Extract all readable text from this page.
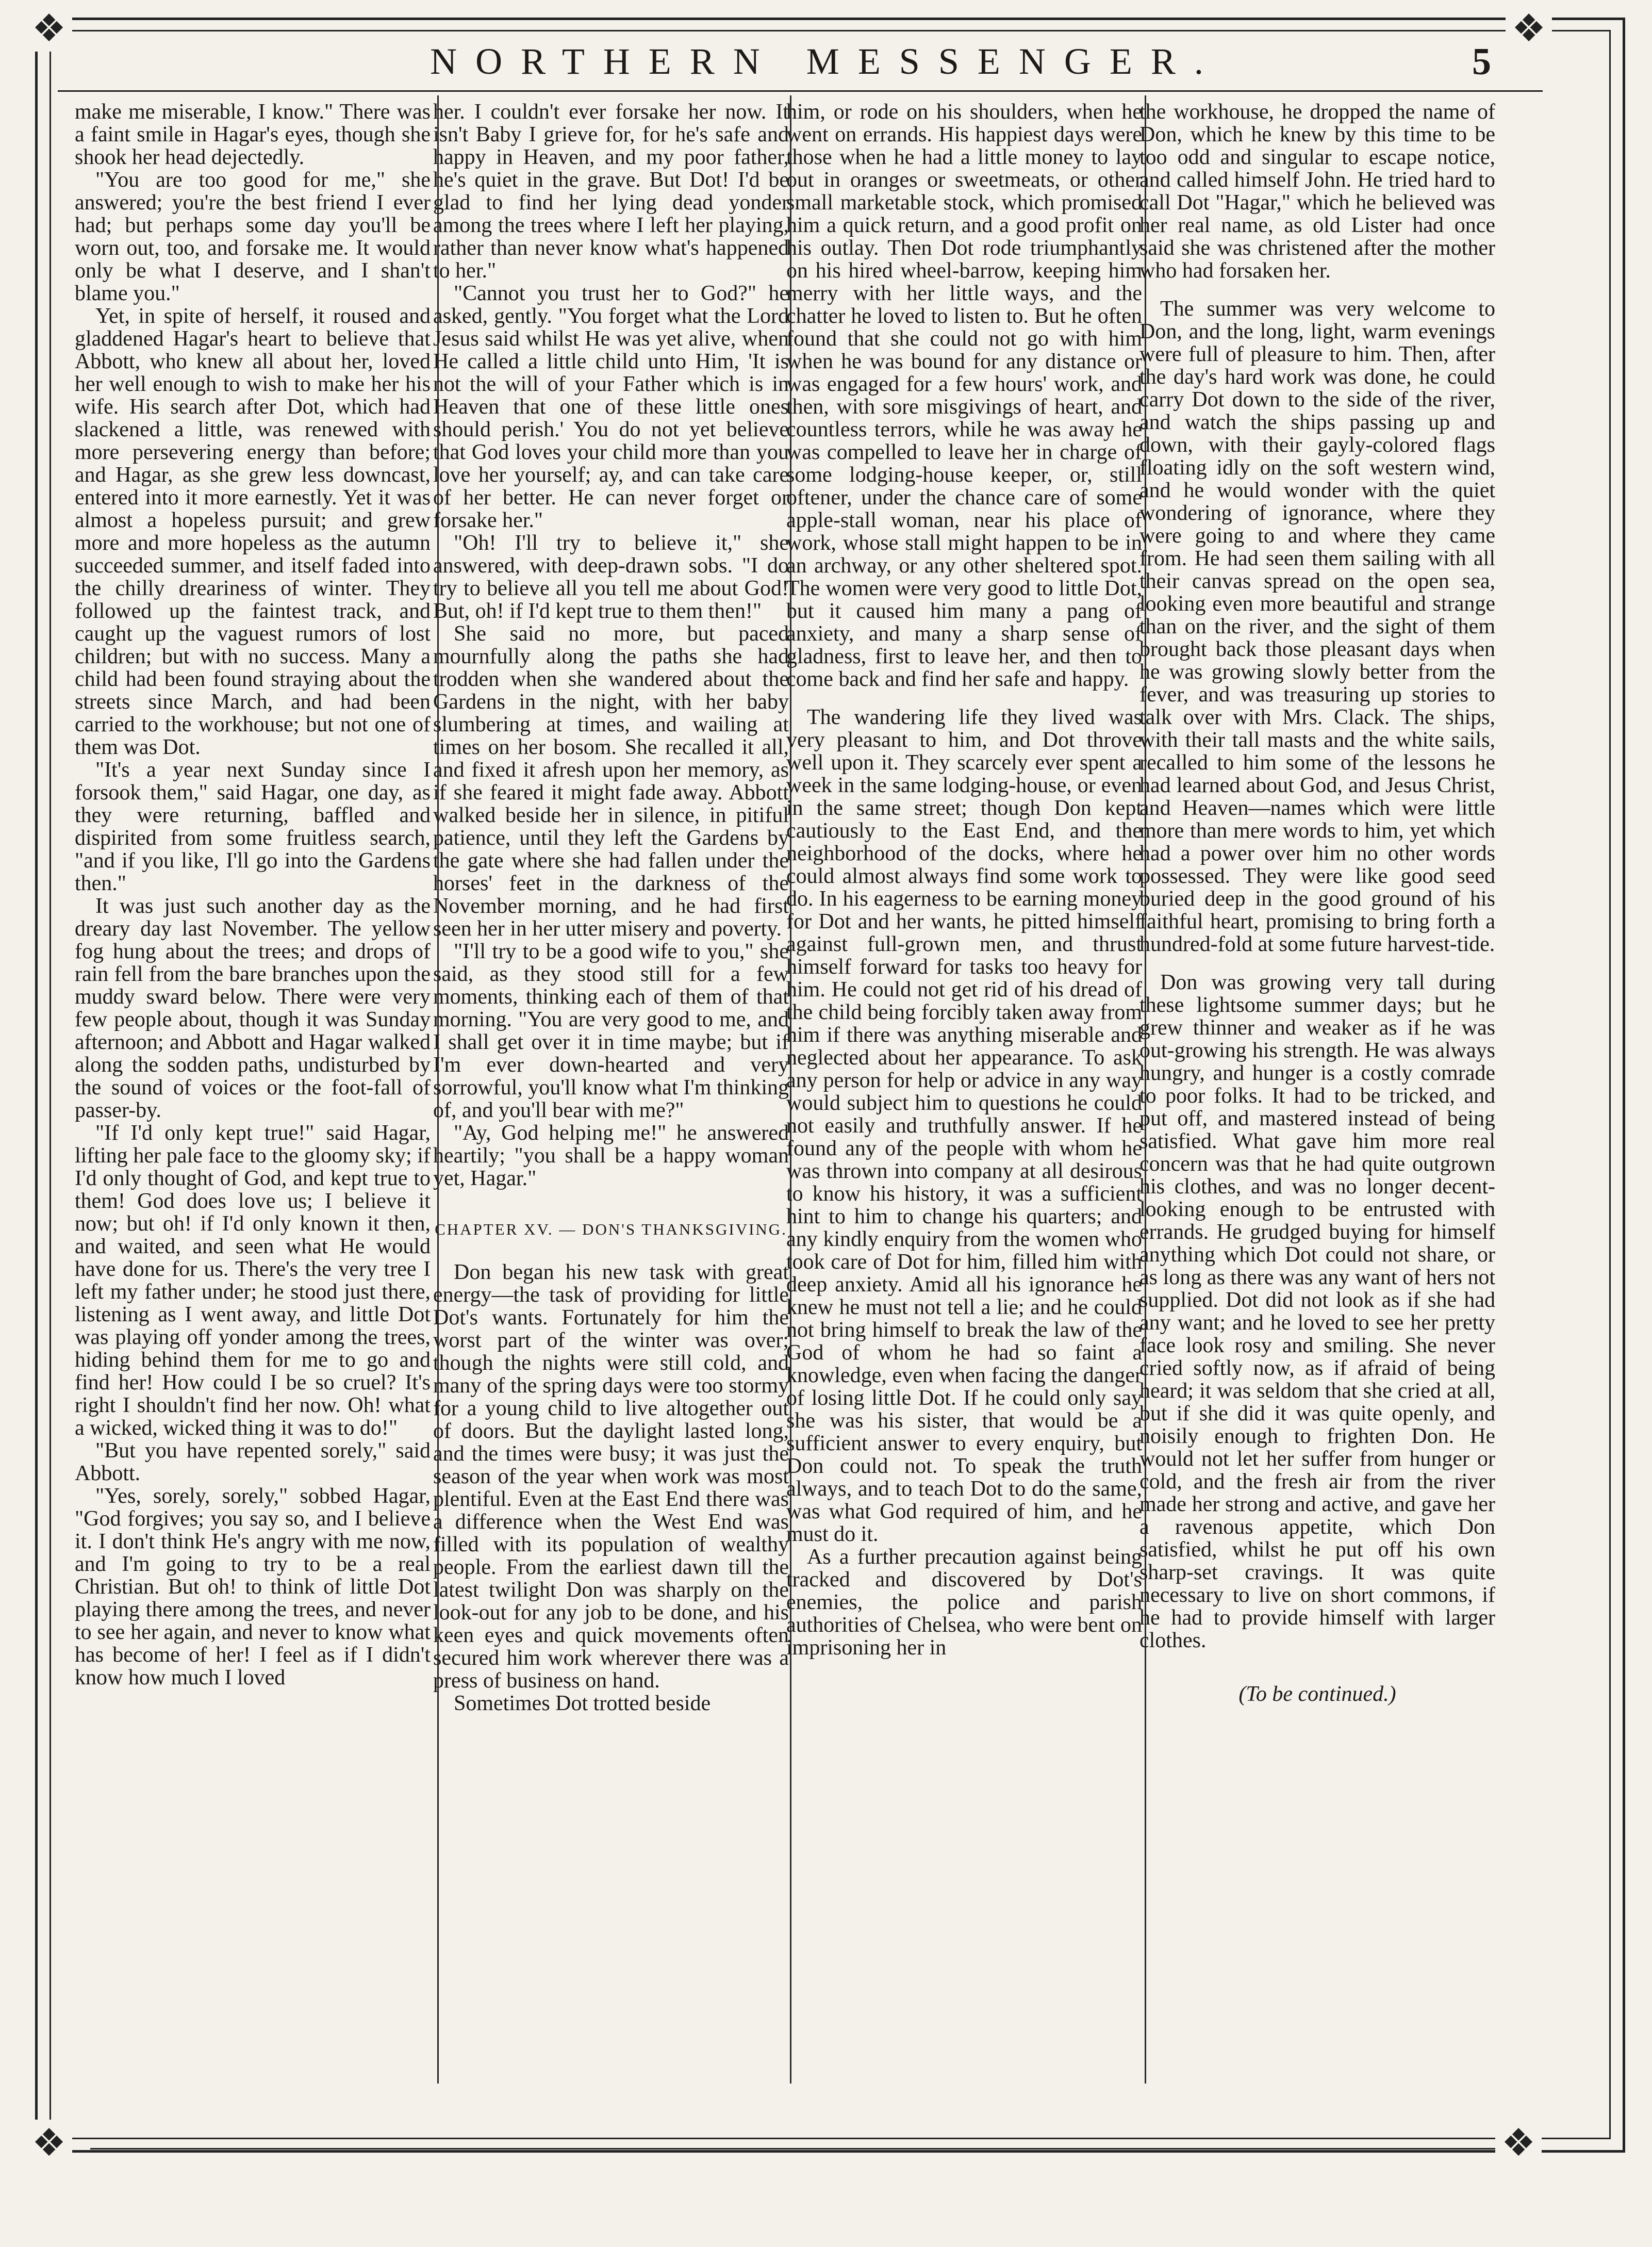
❖	❖
❖	❖
NORTHERN MESSENGER.	5

make me miserable, I know." There was a faint smile in Hagar's eyes, though she shook her head dejectedly.

"You are too good for me," she answered; you're the best friend I ever had; but perhaps some day you'll be worn out, too, and forsake me. It would only be what I deserve, and I shan't blame you."

Yet, in spite of herself, it roused and gladdened Hagar's heart to believe that Abbott, who knew all about her, loved her well enough to wish to make her his wife. His search after Dot, which had slackened a little, was renewed with more persevering energy than before; and Hagar, as she grew less downcast, entered into it more earnestly. Yet it was almost a hopeless pursuit; and grew more and more hopeless as the autumn succeeded summer, and itself faded into the chilly dreariness of winter. They followed up the faintest track, and caught up the vaguest rumors of lost children; but with no success. Many a child had been found straying about the streets since March, and had been carried to the workhouse; but not one of them was Dot.

"It's a year next Sunday since I forsook them," said Hagar, one day, as they were returning, baffled and dispirited from some fruitless search, "and if you like, I'll go into the Gardens then."

It was just such another day as the dreary day last November. The yellow fog hung about the trees; and drops of rain fell from the bare branches upon the muddy sward below. There were very few people about, though it was Sunday afternoon; and Abbott and Hagar walked along the sodden paths, undisturbed by the sound of voices or the foot-fall of passer-by.

"If I'd only kept true!" said Hagar, lifting her pale face to the gloomy sky; if I'd only thought of God, and kept true to them! God does love us; I believe it now; but oh! if I'd only known it then, and waited, and seen what He would have done for us. There's the very tree I left my father under; he stood just there, listening as I went away, and little Dot was playing off yonder among the trees, hiding behind them for me to go and find her! How could I be so cruel? It's right I shouldn't find her now. Oh! what a wicked, wicked thing it was to do!"

"But you have repented sorely," said Abbott.

"Yes, sorely, sorely," sobbed Hagar, "God forgives; you say so, and I believe it. I don't think He's angry with me now, and I'm going to try to be a real Christian. But oh! to think of little Dot playing there among the trees, and never to see her again, and never to know what has become of her! I feel as if I didn't know how much I loved

her. I couldn't ever forsake her now. It isn't Baby I grieve for, for he's safe and happy in Heaven, and my poor father, he's quiet in the grave. But Dot! I'd be glad to find her lying dead yonder among the trees where I left her playing, rather than never know what's happened to her."

"Cannot you trust her to God?" he asked, gently. "You forget what the Lord Jesus said whilst He was yet alive, when He called a little child unto Him, 'It is not the will of your Father which is in Heaven that one of these little ones should perish.' You do not yet believe that God loves your child more than you love her yourself; ay, and can take care of her better. He can never forget or forsake her."

"Oh! I'll try to believe it," she answered, with deep-drawn sobs. "I do try to believe all you tell me about God! But, oh! if I'd kept true to them then!"

She said no more, but paced mournfully along the paths she had trodden when she wandered about the Gardens in the night, with her baby slumbering at times, and wailing at times on her bosom. She recalled it all, and fixed it afresh upon her memory, as if she feared it might fade away. Abbott walked beside her in silence, in pitiful patience, until they left the Gardens by the gate where she had fallen under the horses' feet in the darkness of the November morning, and he had first seen her in her utter misery and poverty.

"I'll try to be a good wife to you," she said, as they stood still for a few moments, thinking each of them of that morning. "You are very good to me, and I shall get over it in time maybe; but if I'm ever down-hearted and very sorrowful, you'll know what I'm thinking of, and you'll bear with me?"

"Ay, God helping me!" he answered heartily; "you shall be a happy woman yet, Hagar."

CHAPTER XV. — DON'S THANKSGIVING.

Don began his new task with great energy—the task of providing for little Dot's wants. Fortunately for him the worst part of the winter was over; though the nights were still cold, and many of the spring days were too stormy for a young child to live altogether out of doors. But the daylight lasted long, and the times were busy; it was just the season of the year when work was most plentiful. Even at the East End there was a difference when the West End was filled with its population of wealthy people. From the earliest dawn till the latest twilight Don was sharply on the look-out for any job to be done, and his keen eyes and quick movements often secured him work wherever there was a press of business on hand.

Sometimes Dot trotted beside

him, or rode on his shoulders, when he went on errands. His happiest days were those when he had a little money to lay out in oranges or sweetmeats, or other small marketable stock, which promised him a quick return, and a good profit on his outlay. Then Dot rode triumphantly on his hired wheel-barrow, keeping him merry with her little ways, and the chatter he loved to listen to. But he often found that she could not go with him when he was bound for any distance or was engaged for a few hours' work, and then, with sore misgivings of heart, and countless terrors, while he was away he was compelled to leave her in charge of some lodging-house keeper, or, still oftener, under the chance care of some apple-stall woman, near his place of work, whose stall might happen to be in an archway, or any other sheltered spot. The women were very good to little Dot, but it caused him many a pang of anxiety, and many a sharp sense of gladness, first to leave her, and then to come back and find her safe and happy.

The wandering life they lived was very pleasant to him, and Dot throve well upon it. They scarcely ever spent a week in the same lodging-house, or even in the same street; though Don kept cautiously to the East End, and the neighborhood of the docks, where he could almost always find some work to do. In his eagerness to be earning money for Dot and her wants, he pitted himself against full-grown men, and thrust himself forward for tasks too heavy for him. He could not get rid of his dread of the child being forcibly taken away from him if there was anything miserable and neglected about her appearance. To ask any person for help or advice in any way would subject him to questions he could not easily and truthfully answer. If he found any of the people with whom he was thrown into company at all desirous to know his history, it was a sufficient hint to him to change his quarters; and any kindly enquiry from the women who took care of Dot for him, filled him with deep anxiety. Amid all his ignorance he knew he must not tell a lie; and he could not bring himself to break the law of the God of whom he had so faint a knowledge, even when facing the danger of losing little Dot. If he could only say she was his sister, that would be a sufficient answer to every enquiry, but Don could not. To speak the truth always, and to teach Dot to do the same, was what God required of him, and he must do it.

As a further precaution against being tracked and discovered by Dot's enemies, the police and parish authorities of Chelsea, who were bent on imprisoning her in

the workhouse, he dropped the name of Don, which he knew by this time to be too odd and singular to escape notice, and called himself John. He tried hard to call Dot "Hagar," which he believed was her real name, as old Lister had once said she was christened after the mother who had forsaken her.

The summer was very welcome to Don, and the long, light, warm evenings were full of pleasure to him. Then, after the day's hard work was done, he could carry Dot down to the side of the river, and watch the ships passing up and down, with their gayly-colored flags floating idly on the soft western wind, and he would wonder with the quiet wondering of ignorance, where they were going to and where they came from. He had seen them sailing with all their canvas spread on the open sea, looking even more beautiful and strange than on the river, and the sight of them brought back those pleasant days when he was growing slowly better from the fever, and was treasuring up stories to talk over with Mrs. Clack. The ships, with their tall masts and the white sails, recalled to him some of the lessons he had learned about God, and Jesus Christ, and Heaven—names which were little more than mere words to him, yet which had a power over him no other words possessed. They were like good seed buried deep in the good ground of his faithful heart, promising to bring forth a hundred-fold at some future harvest-tide.

Don was growing very tall during these lightsome summer days; but he grew thinner and weaker as if he was out-growing his strength. He was always hungry, and hunger is a costly comrade to poor folks. It had to be tricked, and put off, and mastered instead of being satisfied. What gave him more real concern was that he had quite outgrown his clothes, and was no longer decent-looking enough to be entrusted with errands. He grudged buying for himself anything which Dot could not share, or as long as there was any want of hers not supplied. Dot did not look as if she had any want; and he loved to see her pretty face look rosy and smiling. She never cried softly now, as if afraid of being heard; it was seldom that she cried at all, but if she did it was quite openly, and noisily enough to frighten Don. He would not let her suffer from hunger or cold, and the fresh air from the river made her strong and active, and gave her a ravenous appetite, which Don satisfied, whilst he put off his own sharp-set cravings. It was quite necessary to live on short commons, if he had to provide himself with larger clothes.

(To be continued.)
